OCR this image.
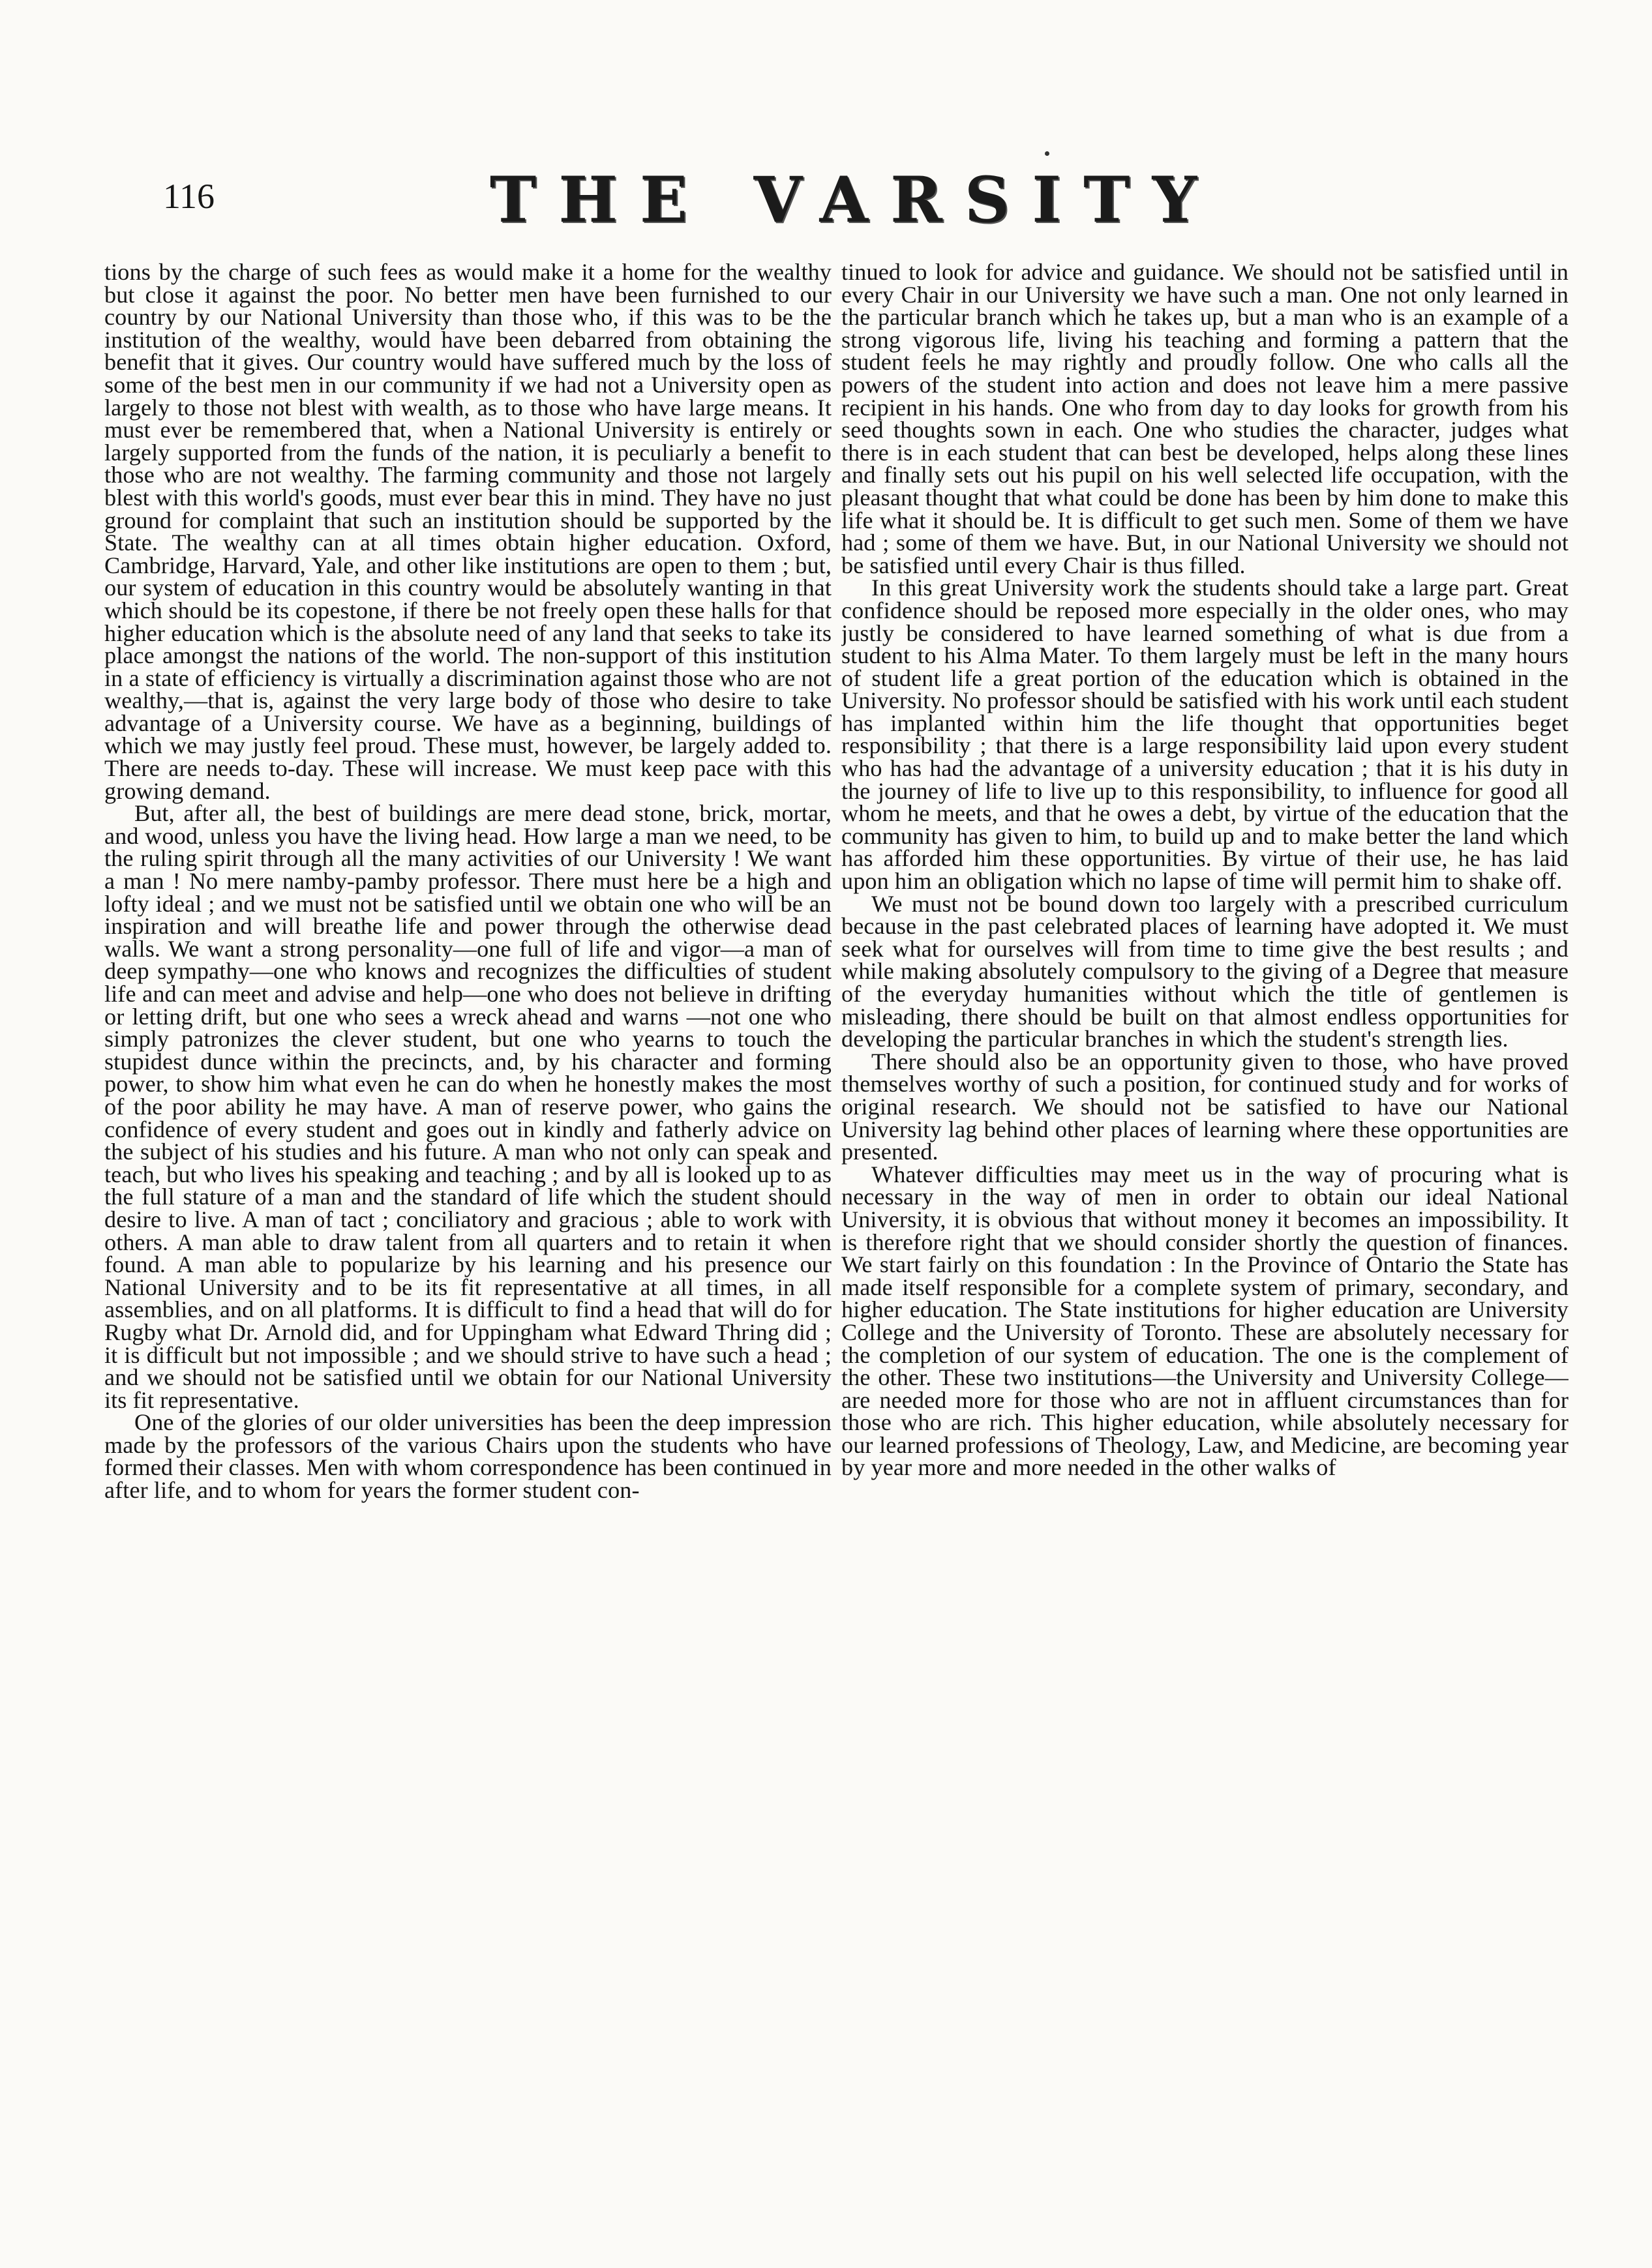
116	THE VARSITY

tions by the charge of such fees as would make it a home for the wealthy but close it against the poor. No better men have been furnished to our country by our National University than those who, if this was to be the institution of the wealthy, would have been debarred from obtaining the benefit that it gives. Our country would have suffered much by the loss of some of the best men in our community if we had not a University open as largely to those not blest with wealth, as to those who have large means. It must ever be remembered that, when a National University is entirely or largely supported from the funds of the nation, it is peculiarly a benefit to those who are not wealthy. The farming community and those not largely blest with this world's goods, must ever bear this in mind. They have no just ground for complaint that such an institution should be supported by the State. The wealthy can at all times obtain higher education. Oxford, Cambridge, Harvard, Yale, and other like institutions are open to them ; but, our system of education in this country would be absolutely wanting in that which should be its copestone, if there be not freely open these halls for that higher education which is the absolute need of any land that seeks to take its place amongst the nations of the world. The non-support of this institution in a state of efficiency is virtually a discrimination against those who are not wealthy,—that is, against the very large body of those who desire to take advantage of a University course. We have as a beginning, buildings of which we may justly feel proud. These must, however, be largely added to. There are needs to-day. These will increase. We must keep pace with this growing demand.

But, after all, the best of buildings are mere dead stone, brick, mortar, and wood, unless you have the living head. How large a man we need, to be the ruling spirit through all the many activities of our University ! We want a man ! No mere namby-pamby professor. There must here be a high and lofty ideal ; and we must not be satisfied until we obtain one who will be an inspiration and will breathe life and power through the otherwise dead walls. We want a strong personality—one full of life and vigor—a man of deep sympathy—one who knows and recognizes the difficulties of student life and can meet and advise and help—one who does not believe in drifting or letting drift, but one who sees a wreck ahead and warns —not one who simply patronizes the clever student, but one who yearns to touch the stupidest dunce within the precincts, and, by his character and forming power, to show him what even he can do when he honestly makes the most of the poor ability he may have. A man of reserve power, who gains the confidence of every student and goes out in kindly and fatherly advice on the subject of his studies and his future. A man who not only can speak and teach, but who lives his speaking and teaching ; and by all is looked up to as the full stature of a man and the standard of life which the student should desire to live. A man of tact ; conciliatory and gracious ; able to work with others. A man able to draw talent from all quarters and to retain it when found. A man able to popularize by his learning and his presence our National University and to be its fit representative at all times, in all assemblies, and on all platforms. It is difficult to find a head that will do for Rugby what Dr. Arnold did, and for Uppingham what Edward Thring did ; it is difficult but not impossible ; and we should strive to have such a head ; and we should not be satisfied until we obtain for our National University its fit representative.

One of the glories of our older universities has been the deep impression made by the professors of the various Chairs upon the students who have formed their classes. Men with whom correspondence has been continued in after life, and to whom for years the former student con-

tinued to look for advice and guidance. We should not be satisfied until in every Chair in our University we have such a man. One not only learned in the particular branch which he takes up, but a man who is an example of a strong vigorous life, living his teaching and forming a pattern that the student feels he may rightly and proudly follow. One who calls all the powers of the student into action and does not leave him a mere passive recipient in his hands. One who from day to day looks for growth from his seed thoughts sown in each. One who studies the character, judges what there is in each student that can best be developed, helps along these lines and finally sets out his pupil on his well selected life occupation, with the pleasant thought that what could be done has been by him done to make this life what it should be. It is difficult to get such men. Some of them we have had ; some of them we have. But, in our National University we should not be satisfied until every Chair is thus filled.

In this great University work the students should take a large part. Great confidence should be reposed more especially in the older ones, who may justly be considered to have learned something of what is due from a student to his Alma Mater. To them largely must be left in the many hours of student life a great portion of the education which is obtained in the University. No professor should be satisfied with his work until each student has implanted within him the life thought that opportunities beget responsibility ; that there is a large responsibility laid upon every student who has had the advantage of a university education ; that it is his duty in the journey of life to live up to this responsibility, to influence for good all whom he meets, and that he owes a debt, by virtue of the education that the community has given to him, to build up and to make better the land which has afforded him these opportunities. By virtue of their use, he has laid upon him an obligation which no lapse of time will permit him to shake off.

We must not be bound down too largely with a prescribed curriculum because in the past celebrated places of learning have adopted it. We must seek what for ourselves will from time to time give the best results ; and while making absolutely compulsory to the giving of a Degree that measure of the everyday humanities without which the title of gentlemen is misleading, there should be built on that almost endless opportunities for developing the particular branches in which the student's strength lies.

There should also be an opportunity given to those, who have proved themselves worthy of such a position, for continued study and for works of original research. We should not be satisfied to have our National University lag behind other places of learning where these opportunities are presented.

Whatever difficulties may meet us in the way of procuring what is necessary in the way of men in order to obtain our ideal National University, it is obvious that without money it becomes an impossibility. It is therefore right that we should consider shortly the question of finances. We start fairly on this foundation : In the Province of Ontario the State has made itself responsible for a complete system of primary, secondary, and higher education. The State institutions for higher education are University College and the University of Toronto. These are absolutely necessary for the completion of our system of education. The one is the complement of the other. These two institutions—the University and University College—are needed more for those who are not in affluent circumstances than for those who are rich. This higher education, while absolutely necessary for our learned professions of Theology, Law, and Medicine, are becoming year by year more and more needed in the other walks of
